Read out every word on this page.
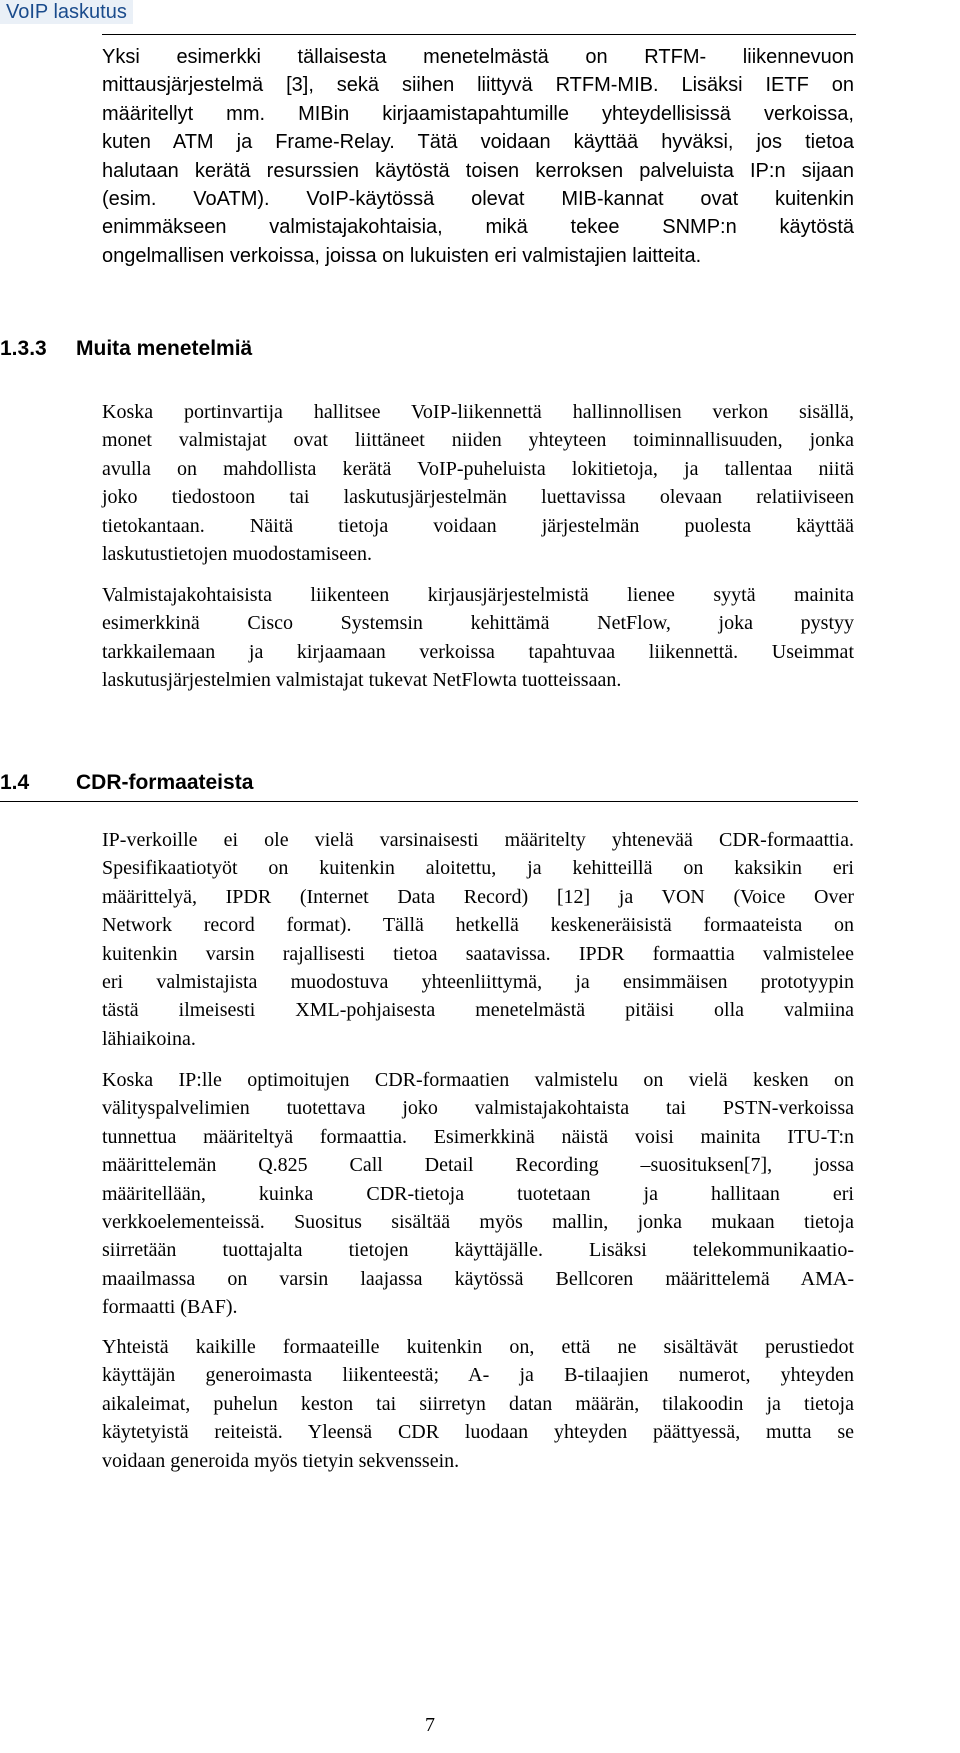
VoIP laskutus
Yksi esimerkki tällaisesta menetelmästä on RTFM- liikennevuon
mittausjärjestelmä [3], sekä siihen liittyvä RTFM-MIB. Lisäksi IETF on
määritellyt mm. MIBin kirjaamistapahtumille yhteydellisissä verkoissa,
kuten ATM ja Frame-Relay. Tätä voidaan käyttää hyväksi, jos tietoa
halutaan kerätä resurssien käytöstä toisen kerroksen palveluista IP:n sijaan
(esim. VoATM). VoIP-käytössä olevat MIB-kannat ovat kuitenkin
enimmäkseen valmistajakohtaisia, mikä tekee SNMP:n käytöstä
ongelmallisen verkoissa, joissa on lukuisten eri valmistajien laitteita.
1.3.3 Muita menetelmiä
Koska portinvartija hallitsee VoIP-liikennettä hallinnollisen verkon sisällä,
monet valmistajat ovat liittäneet niiden yhteyteen toiminnallisuuden, jonka
avulla on mahdollista kerätä VoIP-puheluista lokitietoja, ja tallentaa niitä
joko tiedostoon tai laskutusjärjestelmän luettavissa olevaan relatiiviseen
tietokantaan. Näitä tietoja voidaan järjestelmän puolesta käyttää
laskutustietojen muodostamiseen.
Valmistajakohtaisista liikenteen kirjausjärjestelmistä lienee syytä mainita
esimerkkinä Cisco Systemsin kehittämä NetFlow, joka pystyy
tarkkailemaan ja kirjaamaan verkoissa tapahtuvaa liikennettä. Useimmat
laskutusjärjestelmien valmistajat tukevat NetFlowta tuotteissaan.
1.4 CDR-formaateista
IP-verkoille ei ole vielä varsinaisesti määritelty yhtenevää CDR-formaattia.
Spesifikaatiotyöt on kuitenkin aloitettu, ja kehitteillä on kaksikin eri
määrittelyä, IPDR (Internet Data Record) [12] ja VON (Voice Over
Network record format). Tällä hetkellä keskeneräisistä formaateista on
kuitenkin varsin rajallisesti tietoa saatavissa. IPDR formaattia valmistelee
eri valmistajista muodostuva yhteenliittymä, ja ensimmäisen prototyypin
tästä ilmeisesti XML-pohjaisesta menetelmästä pitäisi olla valmiina
lähiaikoina.
Koska IP:lle optimoitujen CDR-formaatien valmistelu on vielä kesken on
välityspalvelimien tuotettava joko valmistajakohtaista tai PSTN-verkoissa
tunnettua määriteltyä formaattia. Esimerkkinä näistä voisi mainita ITU-T:n
määrittelemän Q.825 Call Detail Recording –suosituksen[7], jossa
määritellään, kuinka CDR-tietoja tuotetaan ja hallitaan eri
verkkoelementeissä. Suositus sisältää myös mallin, jonka mukaan tietoja
siirretään tuottajalta tietojen käyttäjälle. Lisäksi telekommunikaatio-
maailmassa on varsin laajassa käytössä Bellcoren määrittelemä AMA-
formaatti (BAF).
Yhteistä kaikille formaateille kuitenkin on, että ne sisältävät perustiedot
käyttäjän generoimasta liikenteestä; A- ja B-tilaajien numerot, yhteyden
aikaleimat, puhelun keston tai siirretyn datan määrän, tilakoodin ja tietoja
käytetyistä reiteistä. Yleensä CDR luodaan yhteyden päättyessä, mutta se
voidaan generoida myös tietyin sekvenssein.
7
